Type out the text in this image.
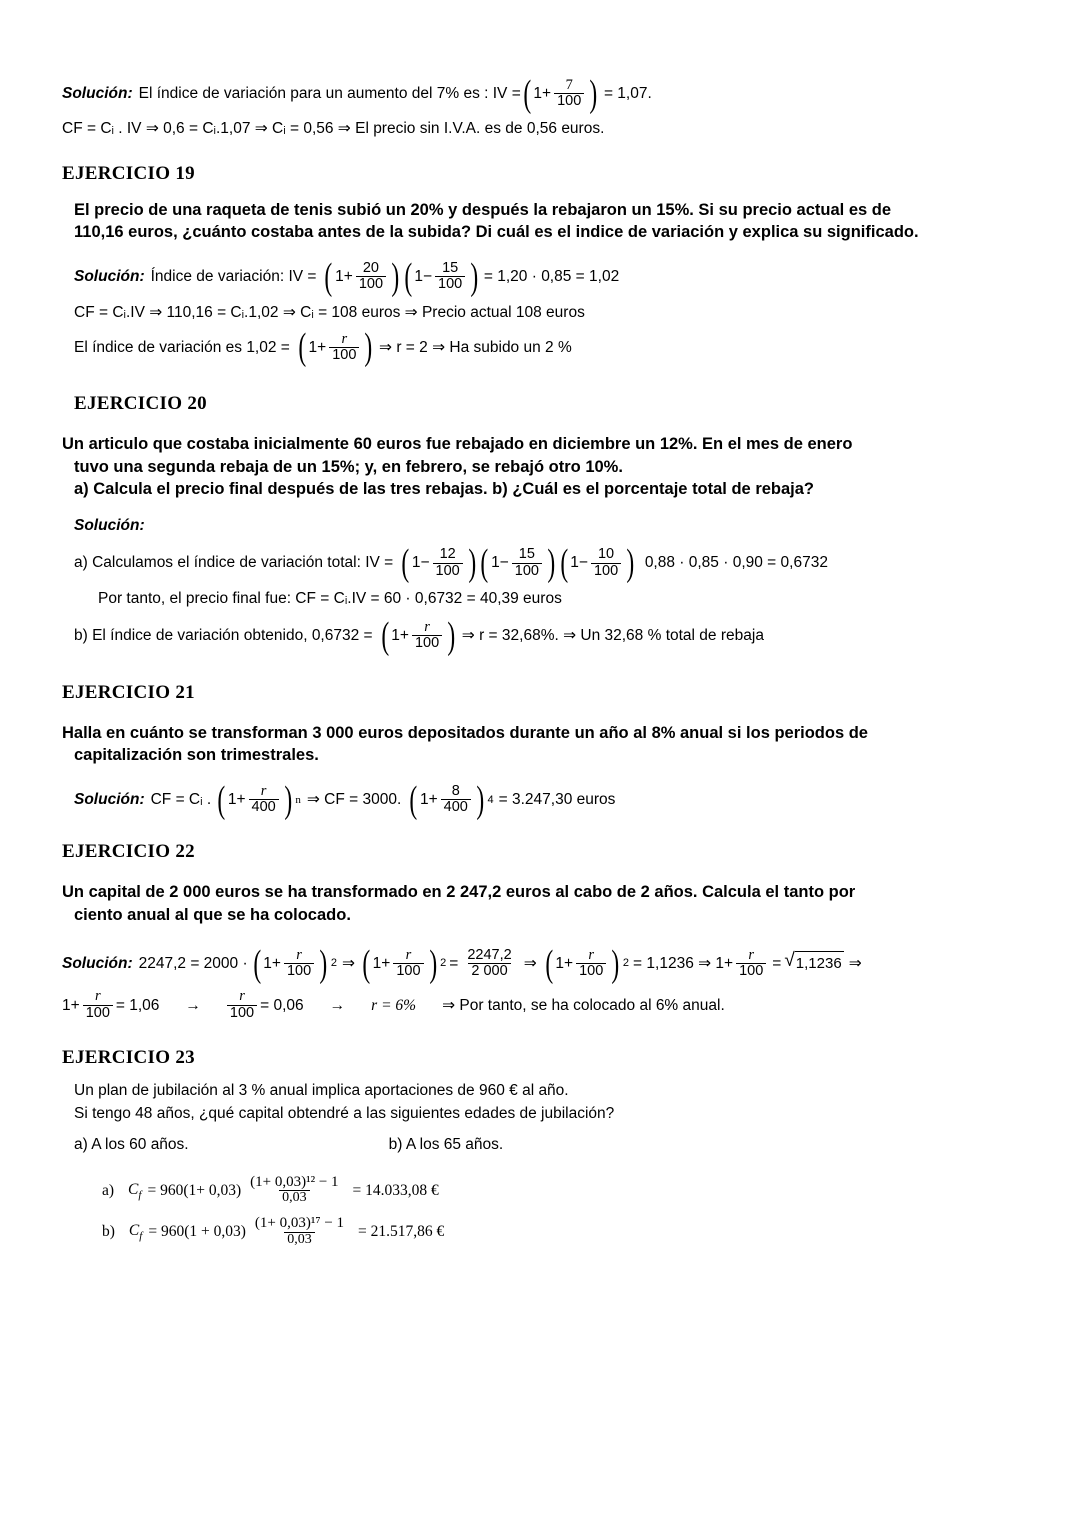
Solución: El índice de variación para un aumento del 7% es : IV = ( $1+ \frac{7}{100}$ ) = 1,07.
CF = Cᵢ . IV ⇒ 0,6 = Cᵢ.1,07 ⇒ Cᵢ = 0,56 ⇒ El precio sin I.V.A. es de 0,56 euros.
EJERCICIO 19
El precio de una raqueta de tenis subió un 20% y después la rebajaron un 15%. Si su precio actual es de
110,16 euros, ¿cuánto costaba antes de la subida? Di cuál es el indice de variación y explica su significado.
Solución: Índice de variación: IV = ( $1+ \frac{20}{100}$ ) ( $1- \frac{15}{100}$ ) = 1,20 · 0,85 = 1,02
CF = Cᵢ.IV ⇒ 110,16 = Cᵢ.1,02 ⇒ Cᵢ = 108 euros ⇒ Precio actual 108 euros
El índice de variación es 1,02 = ( $1+ \frac{r}{100}$ ) ⇒ r = 2 ⇒ Ha subido un 2 %
EJERCICIO 20
Un articulo que costaba inicialmente 60 euros fue rebajado en diciembre un 12%. En el mes de enero
tuvo una segunda rebaja de un 15%; y, en febrero, se rebajó otro 10%.
a) Calcula el precio final después de las tres rebajas. b) ¿Cuál es el porcentaje total de rebaja?
Solución:
a) Calculamos el índice de variación total: IV = ( $1- \frac{12}{100}$ ) ( $1- \frac{15}{100}$ ) ( $1- \frac{10}{100}$ ) 0,88 · 0,85 · 0,90 = 0,6732
Por tanto, el precio final fue: CF = Cᵢ.IV = 60 · 0,6732 = 40,39 euros
b) El índice de variación obtenido, 0,6732 = ( $1+ \frac{r}{100}$ ) ⇒ r = 32,68%. ⇒ Un 32,68 % total de rebaja
EJERCICIO 21
Halla en cuánto se transforman 3 000 euros depositados durante un año al 8% anual si los periodos de
capitalización son trimestrales.
Solución: CF = Cᵢ . ( $1+ \frac{r}{400}$ ) n ⇒ CF = 3000. ( $1+ \frac{8}{400}$ ) 4 = 3.247,30 euros
EJERCICIO 22
Un capital de 2 000 euros se ha transformado en 2 247,2 euros al cabo de 2 años. Calcula el tanto por
ciento anual al que se ha colocado.
Solución: 2247,2 = 2000 · ( $1+ \frac{r}{100}$ ) 2 ⇒ ( $1+ \frac{r}{100}$ ) $2 = \frac{2247,2}{2 000}$ ⇒ ( $1+ \frac{r}{100}$ ) 2 = 1,1236 ⇒ $1+ \frac{r}{100}$ = √ 1,1236 ⇒
$1+ \frac{r}{100} = 1,06 \to \frac{r}{100} = 0,06 \to r = 6\%$ ⇒ Por tanto, se ha colocado al 6% anual.
EJERCICIO 23
Un plan de jubilación al 3 % anual implica aportaciones de 960 € al año.
Si tengo 48 años, ¿qué capital obtendré a las siguientes edades de jubilación?
a) A los 60 años.	b) A los 65 años.
a) $C_f = 960(1+ 0,03) \frac{\text{(1+ 0,03)¹² − 1}}{0,03} = 14.033,08$ €
b) $C_f = 960(1 + 0,03) \frac{\text{(1+ 0,03)¹⁷ − 1}}{0,03} = 21.517,86$ €
